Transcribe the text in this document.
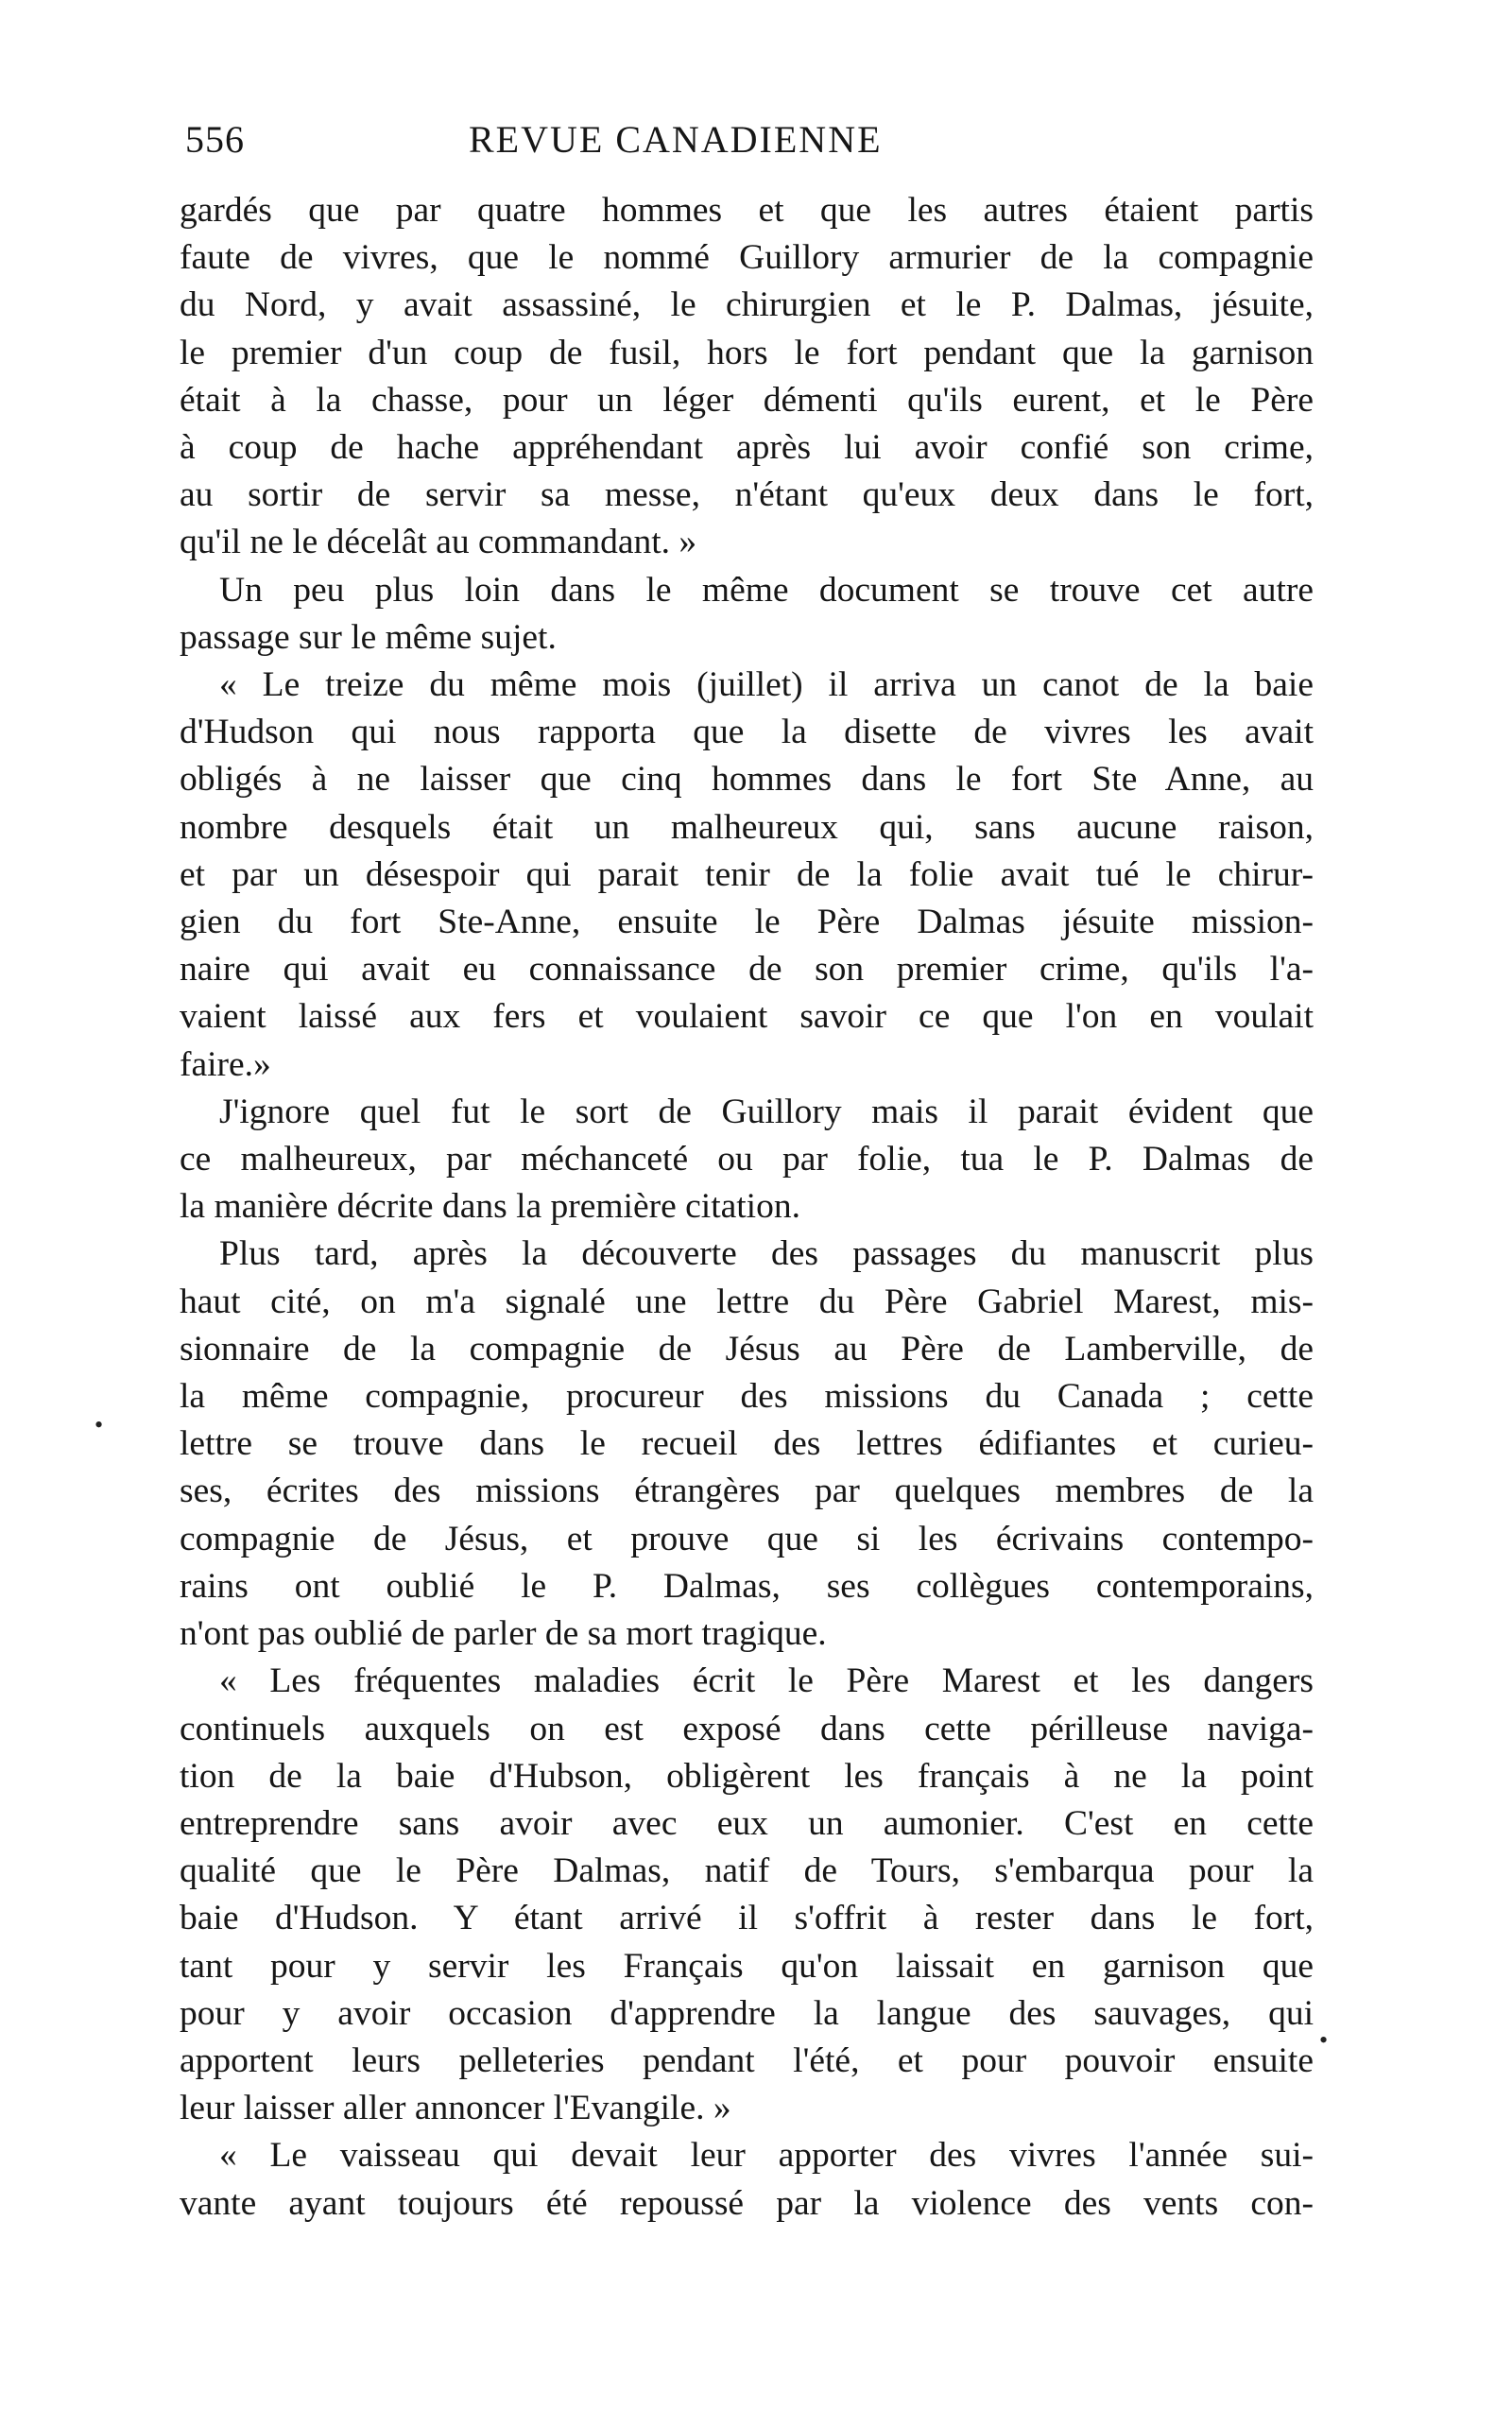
556	REVUE CANADIENNE
gardés que par quatre hommes et que les autres étaient partis
faute de vivres, que le nommé Guillory armurier de la compagnie
du Nord, y avait assassiné, le chirurgien et le P. Dalmas, jésuite,
le premier d'un coup de fusil, hors le fort pendant que la garnison
était à la chasse, pour un léger démenti qu'ils eurent, et le Père
à coup de hache appréhendant après lui avoir confié son crime,
au sortir de servir sa messe, n'étant qu'eux deux dans le fort,
qu'il ne le décelât au commandant. »
Un peu plus loin dans le même document se trouve cet autre
passage sur le même sujet.
« Le treize du même mois (juillet) il arriva un canot de la baie
d'Hudson qui nous rapporta que la disette de vivres les avait
obligés à ne laisser que cinq hommes dans le fort Ste Anne, au
nombre desquels était un malheureux qui, sans aucune raison,
et par un désespoir qui parait tenir de la folie avait tué le chirur-
gien du fort Ste-Anne, ensuite le Père Dalmas jésuite mission-
naire qui avait eu connaissance de son premier crime, qu'ils l'a-
vaient laissé aux fers et voulaient savoir ce que l'on en voulait
faire.»
J'ignore quel fut le sort de Guillory mais il parait évident que
ce malheureux, par méchanceté ou par folie, tua le P. Dalmas de
la manière décrite dans la première citation.
Plus tard, après la découverte des passages du manuscrit plus
haut cité, on m'a signalé une lettre du Père Gabriel Marest, mis-
sionnaire de la compagnie de Jésus au Père de Lamberville, de
la même compagnie, procureur des missions du Canada ; cette
lettre se trouve dans le recueil des lettres édifiantes et curieu-
ses, écrites des missions étrangères par quelques membres de la
compagnie de Jésus, et prouve que si les écrivains contempo-
rains ont oublié le P. Dalmas, ses collègues contemporains,
n'ont pas oublié de parler de sa mort tragique.
« Les fréquentes maladies écrit le Père Marest et les dangers
continuels auxquels on est exposé dans cette périlleuse naviga-
tion de la baie d'Hubson, obligèrent les français à ne la point
entreprendre sans avoir avec eux un aumonier. C'est en cette
qualité que le Père Dalmas, natif de Tours, s'embarqua pour la
baie d'Hudson. Y étant arrivé il s'offrit à rester dans le fort,
tant pour y servir les Français qu'on laissait en garnison que
pour y avoir occasion d'apprendre la langue des sauvages, qui
apportent leurs pelleteries pendant l'été, et pour pouvoir ensuite
leur laisser aller annoncer l'Evangile. »
« Le vaisseau qui devait leur apporter des vivres l'année sui-
vante ayant toujours été repoussé par la violence des vents con-
•
•
